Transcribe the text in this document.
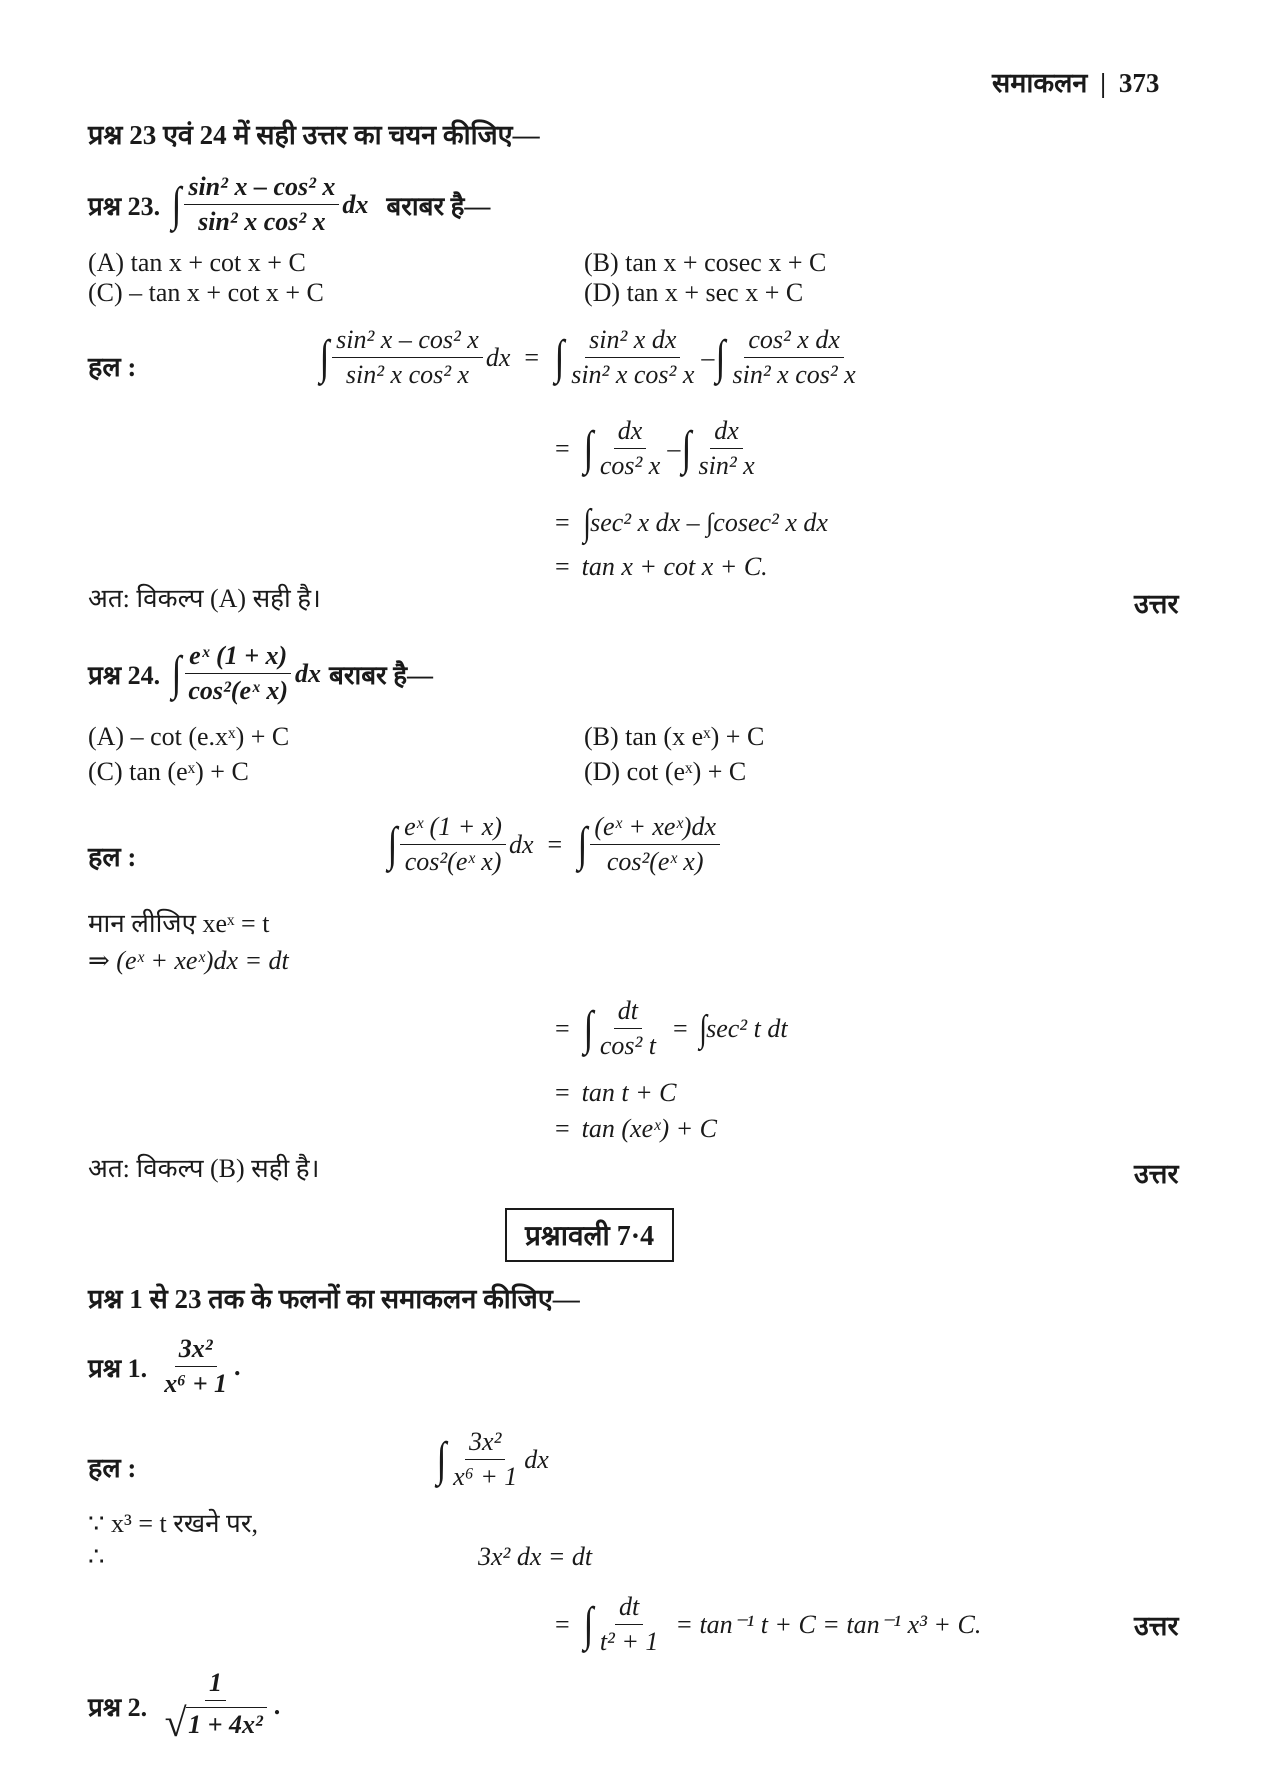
समाकलन | 373
प्रश्न 23 एवं 24 में सही उत्तर का चयन कीजिए—
प्रश्न 23. ∫ $\frac{\text{sin² x – cos² x}}{\text{sin² x cos² x}}$ dx बराबर है—
(A) tan x + cot x + C	(B) tan x + cosec x + C
(C) – tan x + cot x + C	(D) tan x + sec x + C
हल :	∫ $\frac{\text{sin² x – cos² x}}{\text{sin² x cos² x}}$ dx = ∫ $\frac{\text{sin² x dx}}{\text{sin² x cos² x}}$ – ∫ $\frac{\text{cos² x dx}}{\text{sin² x cos² x}}$
= ∫ $\frac{dx}{\text{cos² x}}$ – ∫ $\frac{dx}{\text{sin² x}}$
= ∫ sec² x dx – ∫cosec² x dx
= tan x + cot x + C.
अत: विकल्प (A) सही है।	उत्तर
प्रश्न 24. ∫ $\frac{\text{eˣ (1 + x)}}{\text{cos²(eˣ x)}}$ dx बराबर है—
(A) – cot (e.xˣ) + C	(B) tan (x eˣ) + C
(C) tan (eˣ) + C	(D) cot (eˣ) + C
हल :	∫ $\frac{\text{eˣ (1 + x)}}{\text{cos²(eˣ x)}}$ dx = ∫ $\frac{\text{(eˣ + xeˣ)dx}}{\text{cos²(eˣ x)}}$
मान लीजिए xeˣ = t
⇒ (eˣ + xeˣ)dx = dt
= ∫ $\frac{dt}{\text{cos² t}}$ = ∫ sec² t dt
= tan t + C
= tan (xeˣ) + C
अत: विकल्प (B) सही है।	उत्तर
प्रश्नावली 7·4
प्रश्न 1 से 23 तक के फलनों का समाकलन कीजिए—
प्रश्न 1. $\frac{\text{3x²}}{\text{x⁶ + 1}}$ .
हल :	∫ $\frac{\text{3x²}}{\text{x⁶ + 1}}$ dx
∵ x³ = t रखने पर,
∴	3x² dx = dt
= ∫ $\frac{dt}{\text{t² + 1}} = \tan^{-1}$ t + C = tan⁻¹ x³ + C.	उत्तर
प्रश्न 2. $\frac{1}{\text{√ 1 + 4x²}}$ .
